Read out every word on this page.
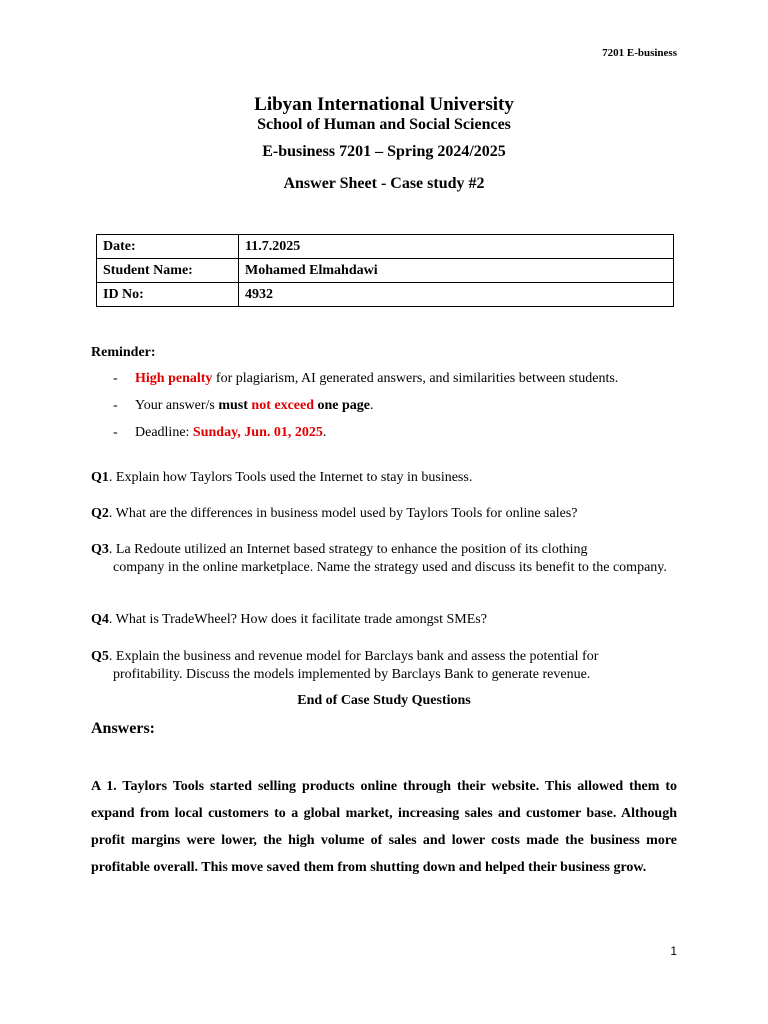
7201 E-business
Libyan International University
School of Human and Social Sciences
E-business 7201 – Spring 2024/2025
Answer Sheet - Case study #2
Date:	11.7.2025
Student Name:	Mohamed Elmahdawi
ID No:	4932
Reminder:
- High penalty for plagiarism, AI generated answers, and similarities between students.
- Your answer/s must not exceed one page.
- Deadline: Sunday, Jun. 01, 2025.
Q1. Explain how Taylors Tools used the Internet to stay in business.
Q2. What are the differences in business model used by Taylors Tools for online sales?
Q3. La Redoute utilized an Internet based strategy to enhance the position of its clothing
company in the online marketplace. Name the strategy used and discuss its benefit to the company.
Q4. What is TradeWheel? How does it facilitate trade amongst SMEs?
Q5. Explain the business and revenue model for Barclays bank and assess the potential for
profitability. Discuss the models implemented by Barclays Bank to generate revenue.
End of Case Study Questions
Answers:
A 1. Taylors Tools started selling products online through their website. This allowed them to expand from local customers to a global market, increasing sales and customer base. Although profit margins were lower, the high volume of sales and lower costs made the business more profitable overall. This move saved them from shutting down and helped their business grow.
1
